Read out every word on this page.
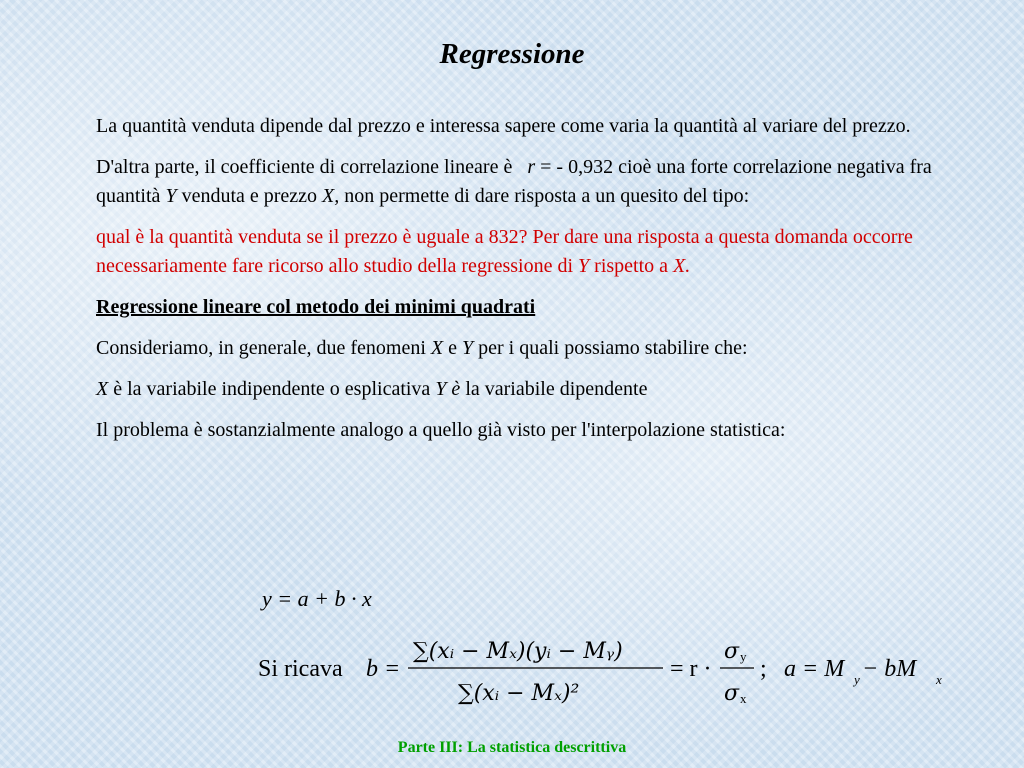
Regressione

La quantità venduta dipende dal prezzo e interessa sapere come varia la quantità al variare del prezzo.

D'altra parte, il coefficiente di correlazione lineare è   r = - 0,932 cioè una forte correlazione negativa fra quantità Y venduta e prezzo X, non permette di dare risposta a un quesito del tipo:

qual è la quantità venduta se il prezzo è uguale a 832? Per dare una risposta a questa domanda occorre necessariamente fare ricorso allo studio della regressione di Y rispetto a X.

Regressione lineare col metodo dei minimi quadrati

Consideriamo, in generale, due fenomeni X e Y per i quali possiamo stabilire che:

X è la variabile indipendente o esplicativa Y è la variabile dipendente

Il problema è sostanzialmente analogo a quello già visto per l'interpolazione statistica:

y = a + b · x
Si ricava b =
∑(xᵢ − Mₓ)(yᵢ − Mᵧ)
∑(xᵢ − Mₓ)²
= r ·
σ y
σ x
; a = M y − bM x
Parte III: La statistica descrittiva
